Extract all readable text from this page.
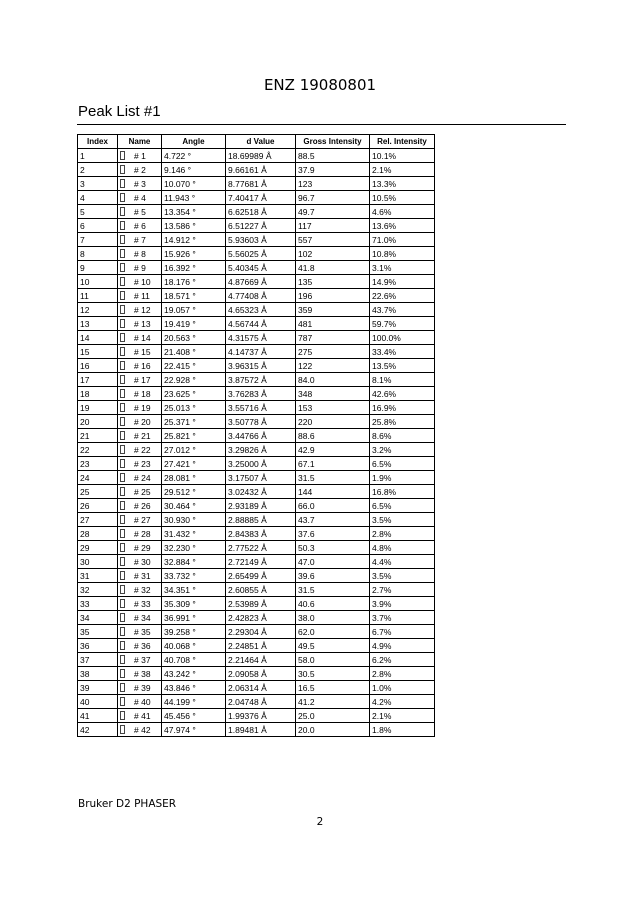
ENZ 19080801
Peak List #1
Index	Name	Angle	d Value	Gross Intensity	Rel. Intensity
1	# 1	4.722 °	18.69989 Å	88.5	10.1%
2	# 2	9.146 °	9.66161 Å	37.9	2.1%
3	# 3	10.070 °	8.77681 Å	123	13.3%
4	# 4	11.943 °	7.40417 Å	96.7	10.5%
5	# 5	13.354 °	6.62518 Å	49.7	4.6%
6	# 6	13.586 °	6.51227 Å	117	13.6%
7	# 7	14.912 °	5.93603 Å	557	71.0%
8	# 8	15.926 °	5.56025 Å	102	10.8%
9	# 9	16.392 °	5.40345 Å	41.8	3.1%
10	# 10	18.176 °	4.87669 Å	135	14.9%
11	# 11	18.571 °	4.77408 Å	196	22.6%
12	# 12	19.057 °	4.65323 Å	359	43.7%
13	# 13	19.419 °	4.56744 Å	481	59.7%
14	# 14	20.563 °	4.31575 Å	787	100.0%
15	# 15	21.408 °	4.14737 Å	275	33.4%
16	# 16	22.415 °	3.96315 Å	122	13.5%
17	# 17	22.928 °	3.87572 Å	84.0	8.1%
18	# 18	23.625 °	3.76283 Å	348	42.6%
19	# 19	25.013 °	3.55716 Å	153	16.9%
20	# 20	25.371 °	3.50778 Å	220	25.8%
21	# 21	25.821 °	3.44766 Å	88.6	8.6%
22	# 22	27.012 °	3.29826 Å	42.9	3.2%
23	# 23	27.421 °	3.25000 Å	67.1	6.5%
24	# 24	28.081 °	3.17507 Å	31.5	1.9%
25	# 25	29.512 °	3.02432 Å	144	16.8%
26	# 26	30.464 °	2.93189 Å	66.0	6.5%
27	# 27	30.930 °	2.88885 Å	43.7	3.5%
28	# 28	31.432 °	2.84383 Å	37.6	2.8%
29	# 29	32.230 °	2.77522 Å	50.3	4.8%
30	# 30	32.884 °	2.72149 Å	47.0	4.4%
31	# 31	33.732 °	2.65499 Å	39.6	3.5%
32	# 32	34.351 °	2.60855 Å	31.5	2.7%
33	# 33	35.309 °	2.53989 Å	40.6	3.9%
34	# 34	36.991 °	2.42823 Å	38.0	3.7%
35	# 35	39.258 °	2.29304 Å	62.0	6.7%
36	# 36	40.068 °	2.24851 Å	49.5	4.9%
37	# 37	40.708 °	2.21464 Å	58.0	6.2%
38	# 38	43.242 °	2.09058 Å	30.5	2.8%
39	# 39	43.846 °	2.06314 Å	16.5	1.0%
40	# 40	44.199 °	2.04748 Å	41.2	4.2%
41	# 41	45.456 °	1.99376 Å	25.0	2.1%
42	# 42	47.974 °	1.89481 Å	20.0	1.8%
Bruker D2 PHASER
2
